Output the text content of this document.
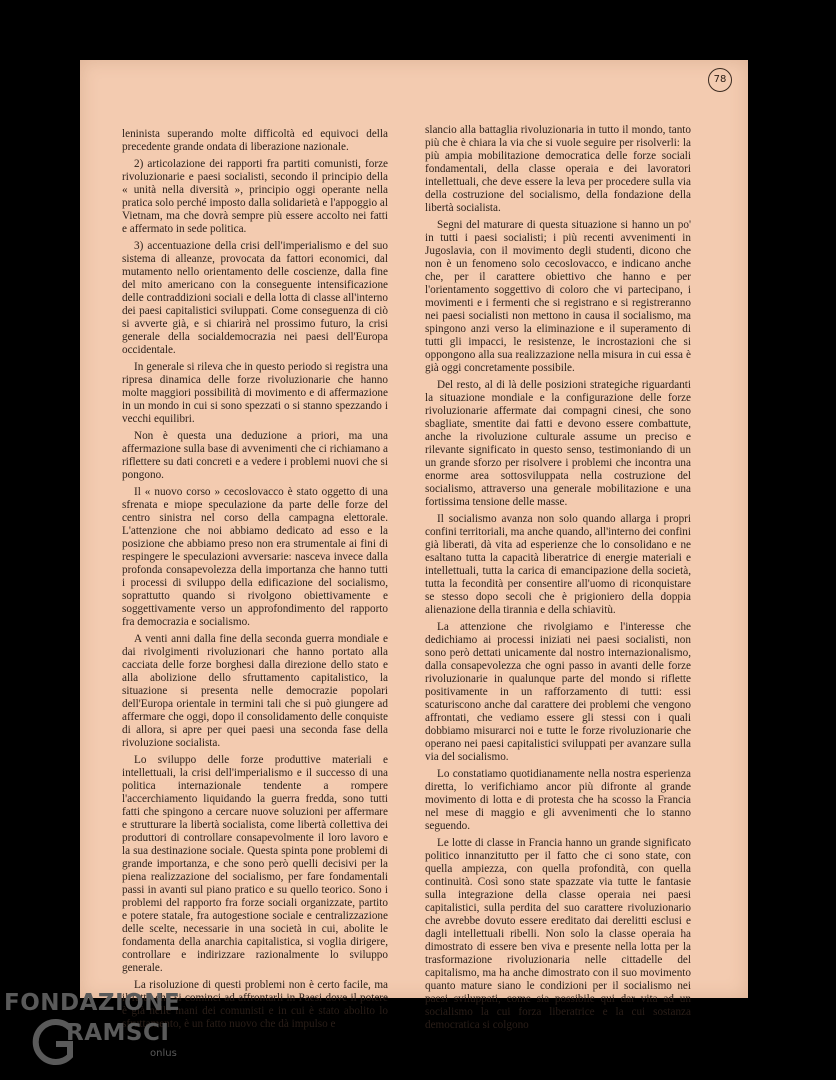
78

leninista superando molte difficoltà ed equivoci della precedente grande ondata di liberazione nazionale.

2) articolazione dei rapporti fra partiti comunisti, forze rivoluzionarie e paesi socialisti, secondo il principio della « unità nella diversità », principio oggi operante nella pratica solo perché imposto dalla solidarietà e l'appoggio al Vietnam, ma che dovrà sempre più essere accolto nei fatti e affermato in sede politica.

3) accentuazione della crisi dell'imperialismo e del suo sistema di alleanze, provocata da fattori economici, dal mutamento nello orientamento delle coscienze, dalla fine del mito americano con la conseguente intensificazione delle contraddizioni sociali e della lotta di classe all'interno dei paesi capitalistici sviluppati. Come conseguenza di ciò si avverte già, e si chiarirà nel prossimo futuro, la crisi generale della socialdemocrazia nei paesi dell'Europa occidentale.

In generale si rileva che in questo periodo si registra una ripresa dinamica delle forze rivoluzionarie che hanno molte maggiori possibilità di movimento e di affermazione in un mondo in cui si sono spezzati o si stanno spezzando i vecchi equilibri.

Non è questa una deduzione a priori, ma una affermazione sulla base di avvenimenti che ci richiamano a riflettere su dati concreti e a vedere i problemi nuovi che si pongono.

Il « nuovo corso » cecoslovacco è stato oggetto di una sfrenata e miope speculazione da parte delle forze del centro sinistra nel corso della campagna elettorale. L'attenzione che noi abbiamo dedicato ad esso e la posizione che abbiamo preso non era strumentale ai fini di respingere le speculazioni avversarie: nasceva invece dalla profonda consapevolezza della importanza che hanno tutti i processi di sviluppo della edificazione del socialismo, soprattutto quando si rivolgono obiettivamente e soggettivamente verso un approfondimento del rapporto fra democrazia e socialismo.

A venti anni dalla fine della seconda guerra mondiale e dai rivolgimenti rivoluzionari che hanno portato alla cacciata delle forze borghesi dalla direzione dello stato e alla abolizione dello sfruttamento capitalistico, la situazione si presenta nelle democrazie popolari dell'Europa orientale in termini tali che si può giungere ad affermare che oggi, dopo il consolidamento delle conquiste di allora, si apre per quei paesi una seconda fase della rivoluzione socialista.

Lo sviluppo delle forze produttive materiali e intellettuali, la crisi dell'imperialismo e il successo di una politica internazionale tendente a rompere l'accerchiamento liquidando la guerra fredda, sono tutti fatti che spingono a cercare nuove soluzioni per affermare e strutturare la libertà socialista, come libertà collettiva dei produttori di controllare consapevolmente il loro lavoro e la sua destinazione sociale. Questa spinta pone problemi di grande importanza, e che sono però quelli decisivi per la piena realizzazione del socialismo, per fare fondamentali passi in avanti sul piano pratico e su quello teorico. Sono i problemi del rapporto fra forze sociali organizzate, partito e potere statale, fra autogestione sociale e centralizzazione delle scelte, necessarie in una società in cui, abolite le fondamenta della anarchia capitalistica, si voglia dirigere, controllare e indirizzare razionalmente lo sviluppo generale.

La risoluzione di questi problemi non è certo facile, ma il fatto che si cominci ad affrontarli in Paesi dove il potere è già nelle mani dei comunisti e in cui è stato abolito lo sfruttamento, è un fatto nuovo che dà impulso e

slancio alla battaglia rivoluzionaria in tutto il mondo, tanto più che è chiara la via che si vuole seguire per risolverli: la più ampia mobilitazione democratica delle forze sociali fondamentali, della classe operaia e dei lavoratori intellettuali, che deve essere la leva per procedere sulla via della costruzione del socialismo, della fondazione della libertà socialista.

Segni del maturare di questa situazione si hanno un po' in tutti i paesi socialisti; i più recenti avvenimenti in Jugoslavia, con il movimento degli studenti, dicono che non è un fenomeno solo cecoslovacco, e indicano anche che, per il carattere obiettivo che hanno e per l'orientamento soggettivo di coloro che vi partecipano, i movimenti e i fermenti che si registrano e si registreranno nei paesi socialisti non mettono in causa il socialismo, ma spingono anzi verso la eliminazione e il superamento di tutti gli impacci, le resistenze, le incrostazioni che si oppongono alla sua realizzazione nella misura in cui essa è già oggi concretamente possibile.

Del resto, al di là delle posizioni strategiche riguardanti la situazione mondiale e la configurazione delle forze rivoluzionarie affermate dai compagni cinesi, che sono sbagliate, smentite dai fatti e devono essere combattute, anche la rivoluzione culturale assume un preciso e rilevante significato in questo senso, testimoniando di un un grande sforzo per risolvere i problemi che incontra una enorme area sottosviluppata nella costruzione del socialismo, attraverso una generale mobilitazione e una fortissima tensione delle masse.

Il socialismo avanza non solo quando allarga i propri confini territoriali, ma anche quando, all'interno dei confini già liberati, dà vita ad esperienze che lo consolidano e ne esaltano tutta la capacità liberatrice di energie materiali e intellettuali, tutta la carica di emancipazione della società, tutta la fecondità per consentire all'uomo di riconquistare se stesso dopo secoli che è prigioniero della doppia alienazione della tirannia e della schiavitù.

La attenzione che rivolgiamo e l'interesse che dedichiamo ai processi iniziati nei paesi socialisti, non sono però dettati unicamente dal nostro internazionalismo, dalla consapevolezza che ogni passo in avanti delle forze rivoluzionarie in qualunque parte del mondo si riflette positivamente in un rafforzamento di tutti: essi scaturiscono anche dal carattere dei problemi che vengono affrontati, che vediamo essere gli stessi con i quali dobbiamo misurarci noi e tutte le forze rivoluzionarie che operano nei paesi capitalistici sviluppati per avanzare sulla via del socialismo.

Lo constatiamo quotidianamente nella nostra esperienza diretta, lo verifichiamo ancor più difronte al grande movimento di lotta e di protesta che ha scosso la Francia nel mese di maggio e gli avvenimenti che lo stanno seguendo.

Le lotte di classe in Francia hanno un grande significato politico innanzitutto per il fatto che ci sono state, con quella ampiezza, con quella profondità, con quella continuità. Così sono state spazzate via tutte le fantasie sulla integrazione della classe operaia nei paesi capitalistici, sulla perdita del suo carattere rivoluzionario che avrebbe dovuto essere ereditato dai derelitti esclusi e dagli intellettuali ribelli. Non solo la classe operaia ha dimostrato di essere ben viva e presente nella lotta per la trasformazione rivoluzionaria nelle cittadelle del capitalismo, ma ha anche dimostrato con il suo movimento quanto mature siano le condizioni per il socialismo nei paesi sviluppati, come sia possibile qui dar vita ad un socialismo la cui forza liberatrice e la cui sostanza democratica si colgono

FONDAZIONE
RAMSCI
onlus
